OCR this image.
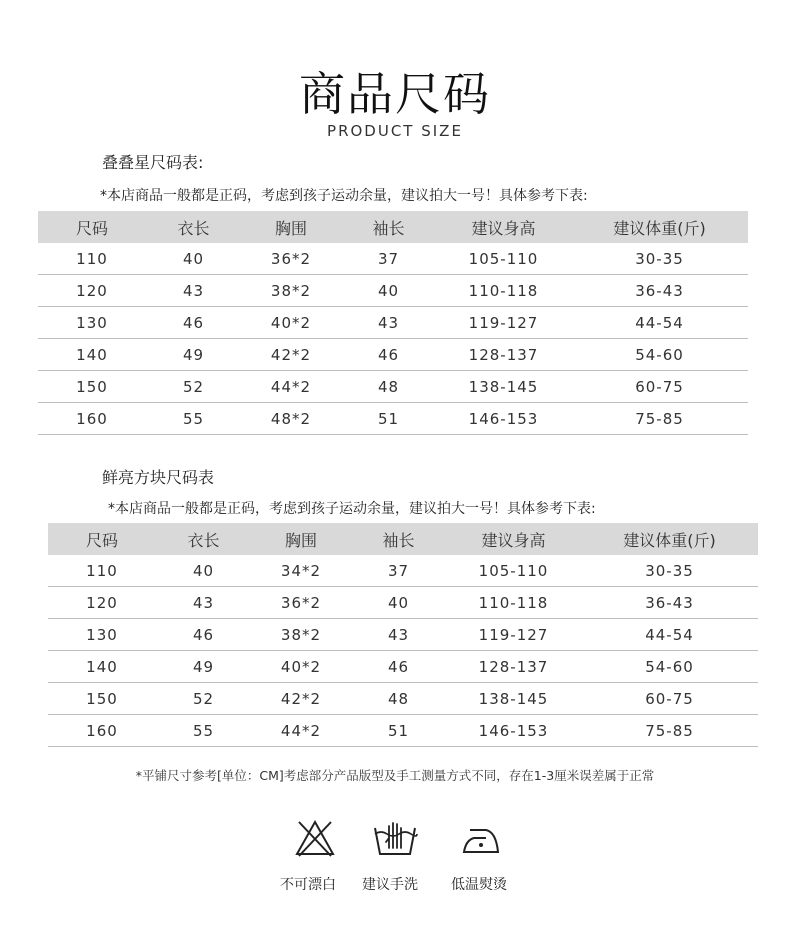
商品尺码
PRODUCT SIZE
叠叠星尺码表:
*本店商品一般都是正码，考虑到孩子运动余量，建议拍大一号！具体参考下表:
尺码	衣长	胸围	袖长	建议身高	建议体重(斤)
110	40	36*2	37	105-110	30-35
120	43	38*2	40	110-118	36-43
130	46	40*2	43	119-127	44-54
140	49	42*2	46	128-137	54-60
150	52	44*2	48	138-145	60-75
160	55	48*2	51	146-153	75-85
鲜亮方块尺码表
*本店商品一般都是正码，考虑到孩子运动余量，建议拍大一号！具体参考下表:
尺码	衣长	胸围	袖长	建议身高	建议体重(斤)
110	40	34*2	37	105-110	30-35
120	43	36*2	40	110-118	36-43
130	46	38*2	43	119-127	44-54
140	49	40*2	46	128-137	54-60
150	52	42*2	48	138-145	60-75
160	55	44*2	51	146-153	75-85
*平铺尺寸参考[单位：CM]考虑部分产品版型及手工测量方式不同，存在1-3厘米误差属于正常
不可漂白	建议手洗	低温熨烫
